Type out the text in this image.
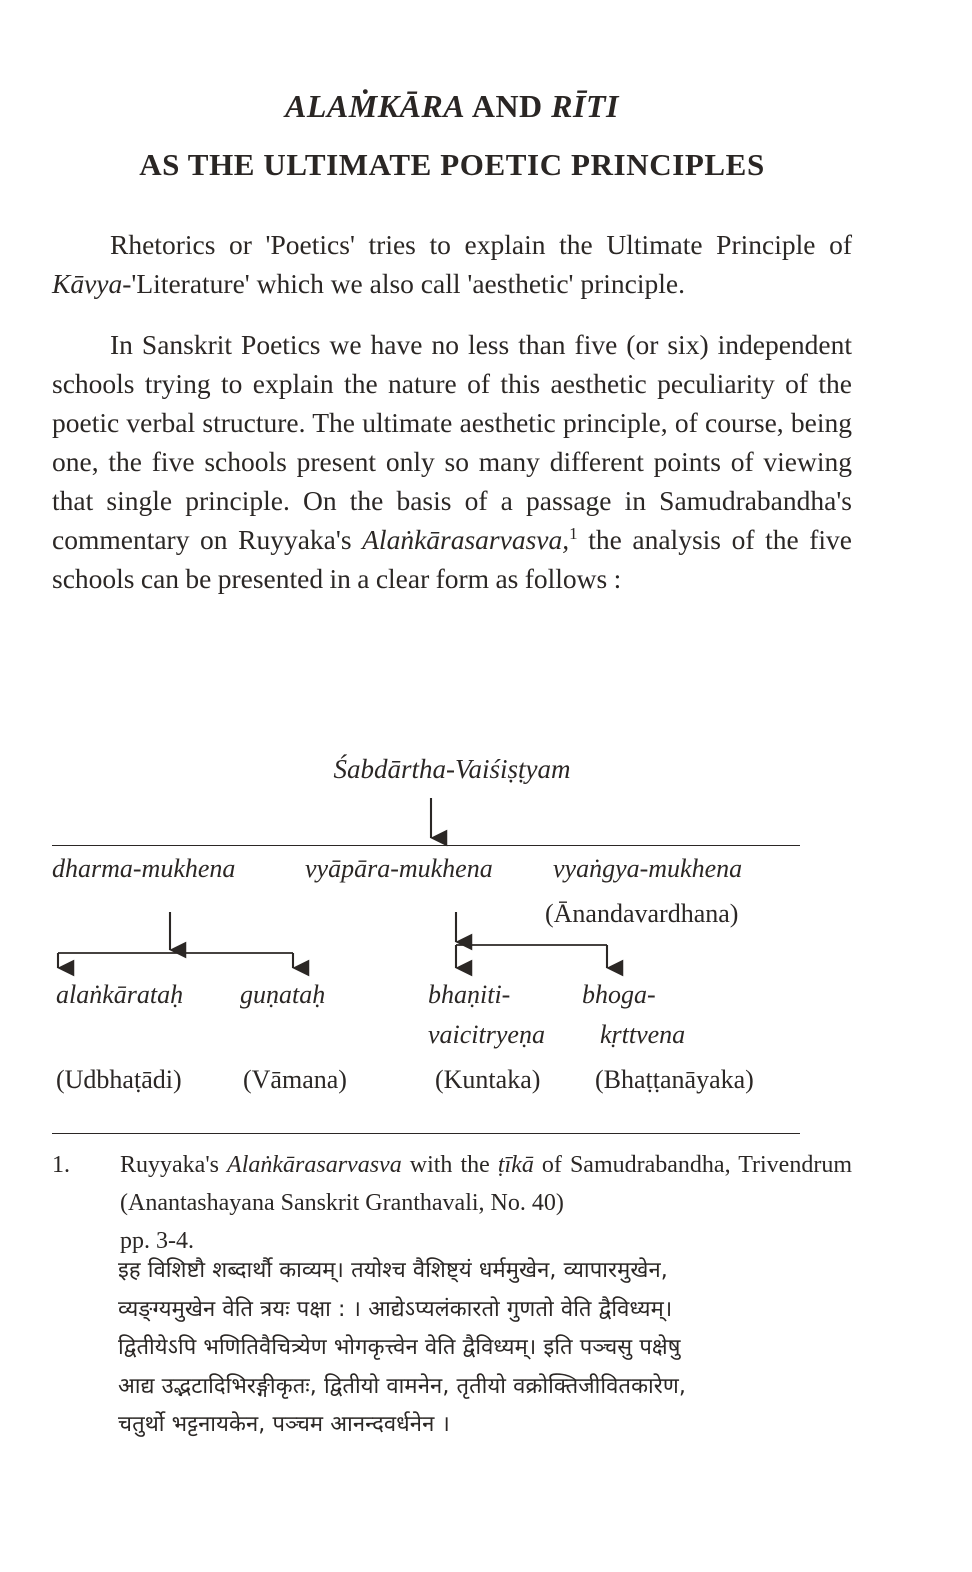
ALAṀKĀRA AND RĪTI
AS THE ULTIMATE POETIC PRINCIPLES

Rhetorics or 'Poetics' tries to explain the Ultimate Principle of Kāvya-'Literature' which we also call 'aesthetic' principle.

In Sanskrit Poetics we have no less than five (or six) independent schools trying to explain the nature of this aesthetic peculiarity of the poetic verbal structure. The ultimate aesthetic principle, of course, being one, the five schools present only so many different points of viewing that single principle. On the basis of a passage in Samudrabandha's commentary on Ruyyaka's Alaṅkārasarvasva,$^1$ the analysis of the five schools can be presented in a clear form as follows :

Śabdārtha-Vaiśiṣṭyam
dharma-mukhena	vyāpāra-mukhena vyaṅgya-mukhena
(Ānandavardhana)
alaṅkārataḥ guṇataḥ	bhaṇiti-	bhoga-
vaicitryeṇa kṛttvena
(Udbhaṭādi) (Vāmana)	(Kuntaka) (Bhaṭṭanāyaka)
1.	Ruyyaka's Alaṅkārasarvasva with the ṭīkā of Samudrabandha, Trivendrum (Anantashayana Sanskrit Granthavali, No. 40)
pp. 3-4.
इह विशिष्टौ शब्दार्थौ काव्यम्। तयोश्च वैशिष्ट्यं धर्ममुखेन, व्यापारमुखेन,
व्यङ्ग्यमुखेन वेति त्रयः पक्षा : । आद्येऽप्यलंकारतो गुणतो वेति द्वैविध्यम्।
द्वितीयेऽपि भणितिवैचित्र्येण भोगकृत्त्वेन वेति द्वैविध्यम्। इति पञ्चसु पक्षेषु
आद्य उद्भटादिभिरङ्गीकृतः, द्वितीयो वामनेन, तृतीयो वक्रोक्तिजीवितकारेण,
चतुर्थो भट्टनायकेन, पञ्चम आनन्दवर्धनेन ।
